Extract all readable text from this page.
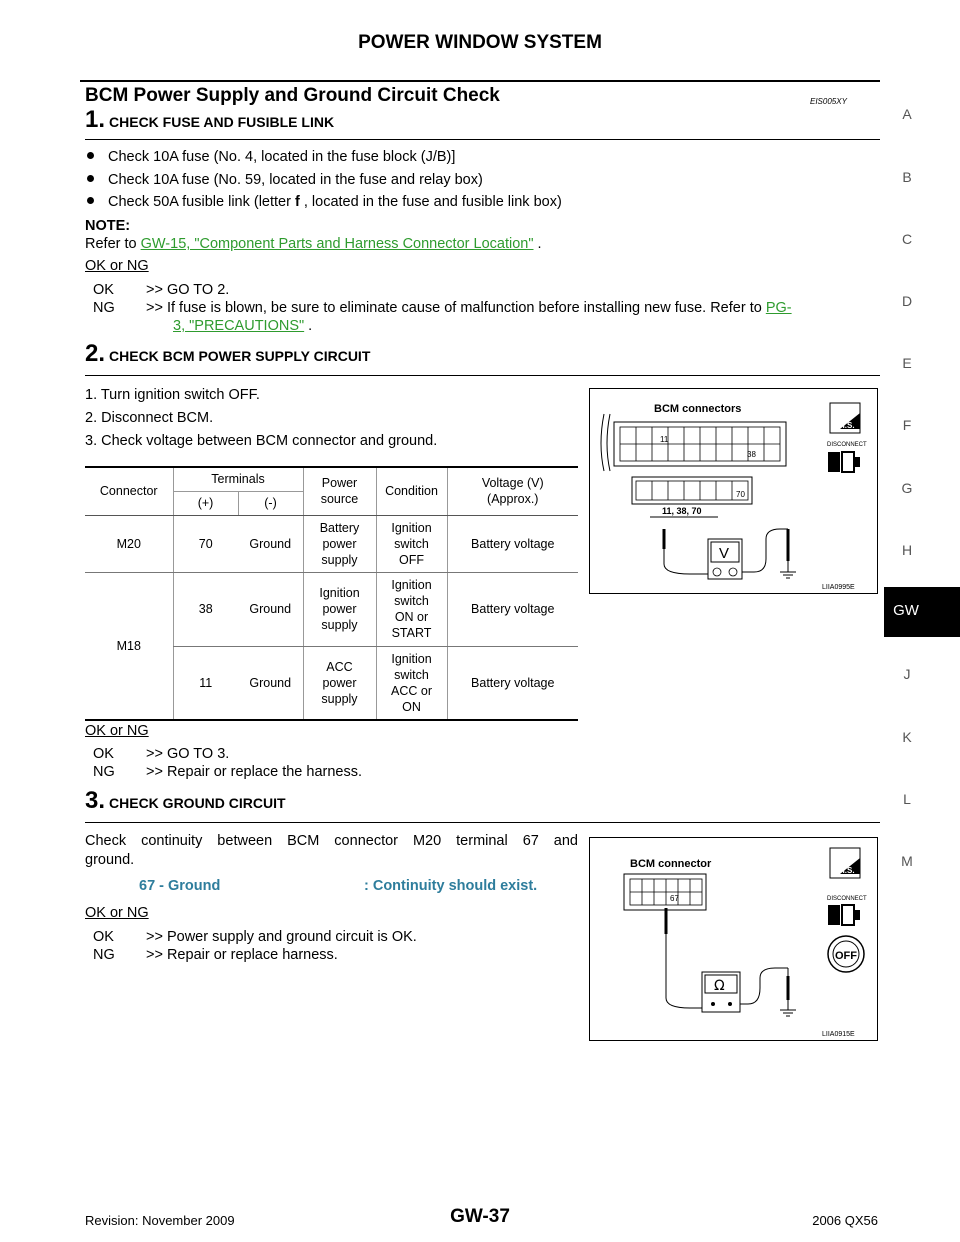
POWER WINDOW SYSTEM
BCM Power Supply and Ground Circuit Check	EIS005XY
1. CHECK FUSE AND FUSIBLE LINK
Check 10A fuse (No. 4, located in the fuse block (J/B)]
Check 10A fuse (No. 59, located in the fuse and relay box)
Check 50A fusible link (letter f , located in the fuse and fusible link box)
NOTE:
Refer to GW-15, "Component Parts and Harness Connector Location" .
OK or NG
OK >> GO TO 2.
NG >> If fuse is blown, be sure to eliminate cause of malfunction before installing new fuse. Refer to PG-
3, "PRECAUTIONS" .
2. CHECK BCM POWER SUPPLY CIRCUIT
1. Turn ignition switch OFF.
2. Disconnect BCM.
3. Check voltage between BCM connector and ground.
Connector	Terminals		Power
source	Condition	Voltage (V)
(Approx.)
	(+)	(-)			
M20	70	Ground	Battery
power
supply	Ignition
switch
OFF	Battery voltage
M18	38	Ground	Ignition
power
supply	Ignition
switch
ON or
START	Battery voltage
	11	Ground	ACC
power
supply	Ignition
switch
ACC or
ON	Battery voltage
BCM connectors
11
38
70
11, 38, 70
V
H.S.
DISCONNECT
LIIA0995E
OK or NG
OK >> GO TO 3.
NG >> Repair or replace the harness.
3. CHECK GROUND CIRCUIT
Check continuity between BCM connector M20 terminal 67 and
ground.
67 - Ground	: Continuity should exist.
OK or NG
OK >> Power supply and ground circuit is OK.
NG >> Repair or replace harness.
BCM connector
67
Ω
H.S.
DISCONNECT
OFF
LIIA0915E
A
B
C
D
E
F
G
H
GW
J
K
L
M
Revision: November 2009	GW-37	2006 QX56
